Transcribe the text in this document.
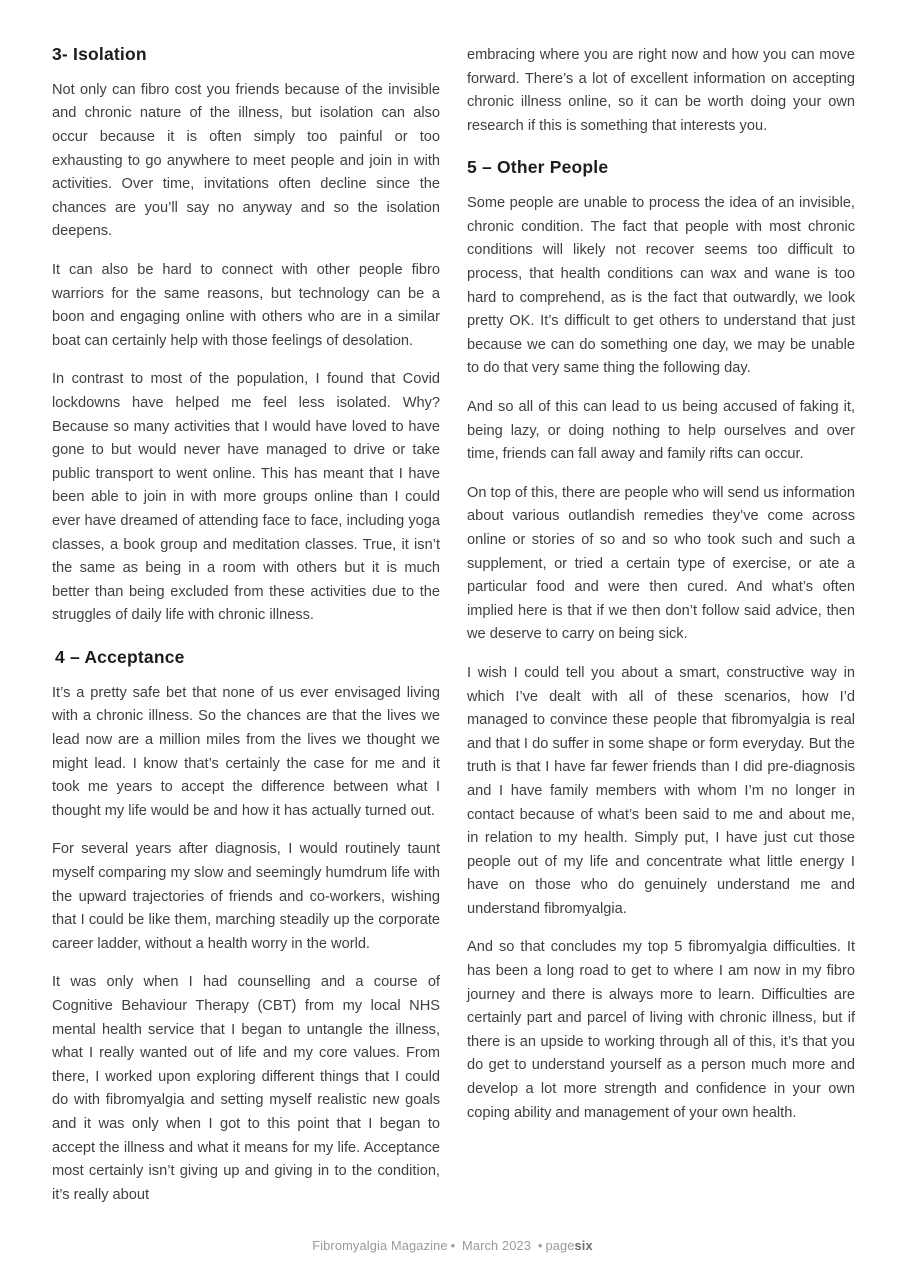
3- Isolation

Not only can fibro cost you friends because of the invisible and chronic nature of the illness, but isolation can also occur because it is often simply too painful or too exhausting to go anywhere to meet people and join in with activities. Over time, invitations often decline since the chances are you’ll say no anyway and so the isolation deepens.

It can also be hard to connect with other people fibro warriors for the same reasons, but technology can be a boon and engaging online with others who are in a similar boat can certainly help with those feelings of desolation.

In contrast to most of the population, I found that Covid lockdowns have helped me feel less isolated. Why? Because so many activities that I would have loved to have gone to but would never have managed to drive or take public transport to went online. This has meant that I have been able to join in with more groups online than I could ever have dreamed of attending face to face, including yoga classes, a book group and meditation classes. True, it isn’t the same as being in a room with others but it is much better than being excluded from these activities due to the struggles of daily life with chronic illness.

4 – Acceptance

It’s a pretty safe bet that none of us ever envisaged living with a chronic illness. So the chances are that the lives we lead now are a million miles from the lives we thought we might lead. I know that’s certainly the case for me and it took me years to accept the difference between what I thought my life would be and how it has actually turned out.

For several years after diagnosis, I would routinely taunt myself comparing my slow and seemingly humdrum life with the upward trajectories of friends and co-workers, wishing that I could be like them, marching steadily up the corporate career ladder, without a health worry in the world.

It was only when I had counselling and a course of Cognitive Behaviour Therapy (CBT) from my local NHS mental health service that I began to untangle the illness, what I really wanted out of life and my core values. From there, I worked upon exploring different things that I could do with fibromyalgia and setting myself realistic new goals and it was only when I got to this point that I began to accept the illness and what it means for my life. Acceptance most certainly isn’t giving up and giving in to the condition, it’s really about

embracing where you are right now and how you can move forward. There’s a lot of excellent information on accepting chronic illness online, so it can be worth doing your own research if this is something that interests you.

5 – Other People

Some people are unable to process the idea of an invisible, chronic condition. The fact that people with most chronic conditions will likely not recover seems too difficult to process, that health conditions can wax and wane is too hard to comprehend, as is the fact that outwardly, we look pretty OK. It’s difficult to get others to understand that just because we can do something one day, we may be unable to do that very same thing the following day.

And so all of this can lead to us being accused of faking it, being lazy, or doing nothing to help ourselves and over time, friends can fall away and family rifts can occur.

On top of this, there are people who will send us information about various outlandish remedies they’ve come across online or stories of so and so who took such and such a supplement, or tried a certain type of exercise, or ate a particular food and were then cured. And what’s often implied here is that if we then don’t follow said advice, then we deserve to carry on being sick.

I wish I could tell you about a smart, constructive way in which I’ve dealt with all of these scenarios, how I’d managed to convince these people that fibromyalgia is real and that I do suffer in some shape or form everyday. But the truth is that I have far fewer friends than I did pre-diagnosis and I have family members with whom I’m no longer in contact because of what’s been said to me and about me, in relation to my health. Simply put, I have just cut those people out of my life and concentrate what little energy I have on those who do genuinely understand me and understand fibromyalgia.

And so that concludes my top 5 fibromyalgia difficulties. It has been a long road to get to where I am now in my fibro journey and there is always more to learn. Difficulties are certainly part and parcel of living with chronic illness, but if there is an upside to working through all of this, it’s that you do get to understand yourself as a person much more and develop a lot more strength and confidence in your own coping ability and management of your own health.

Fibromyalgia Magazine • March 2023 • pagesix
